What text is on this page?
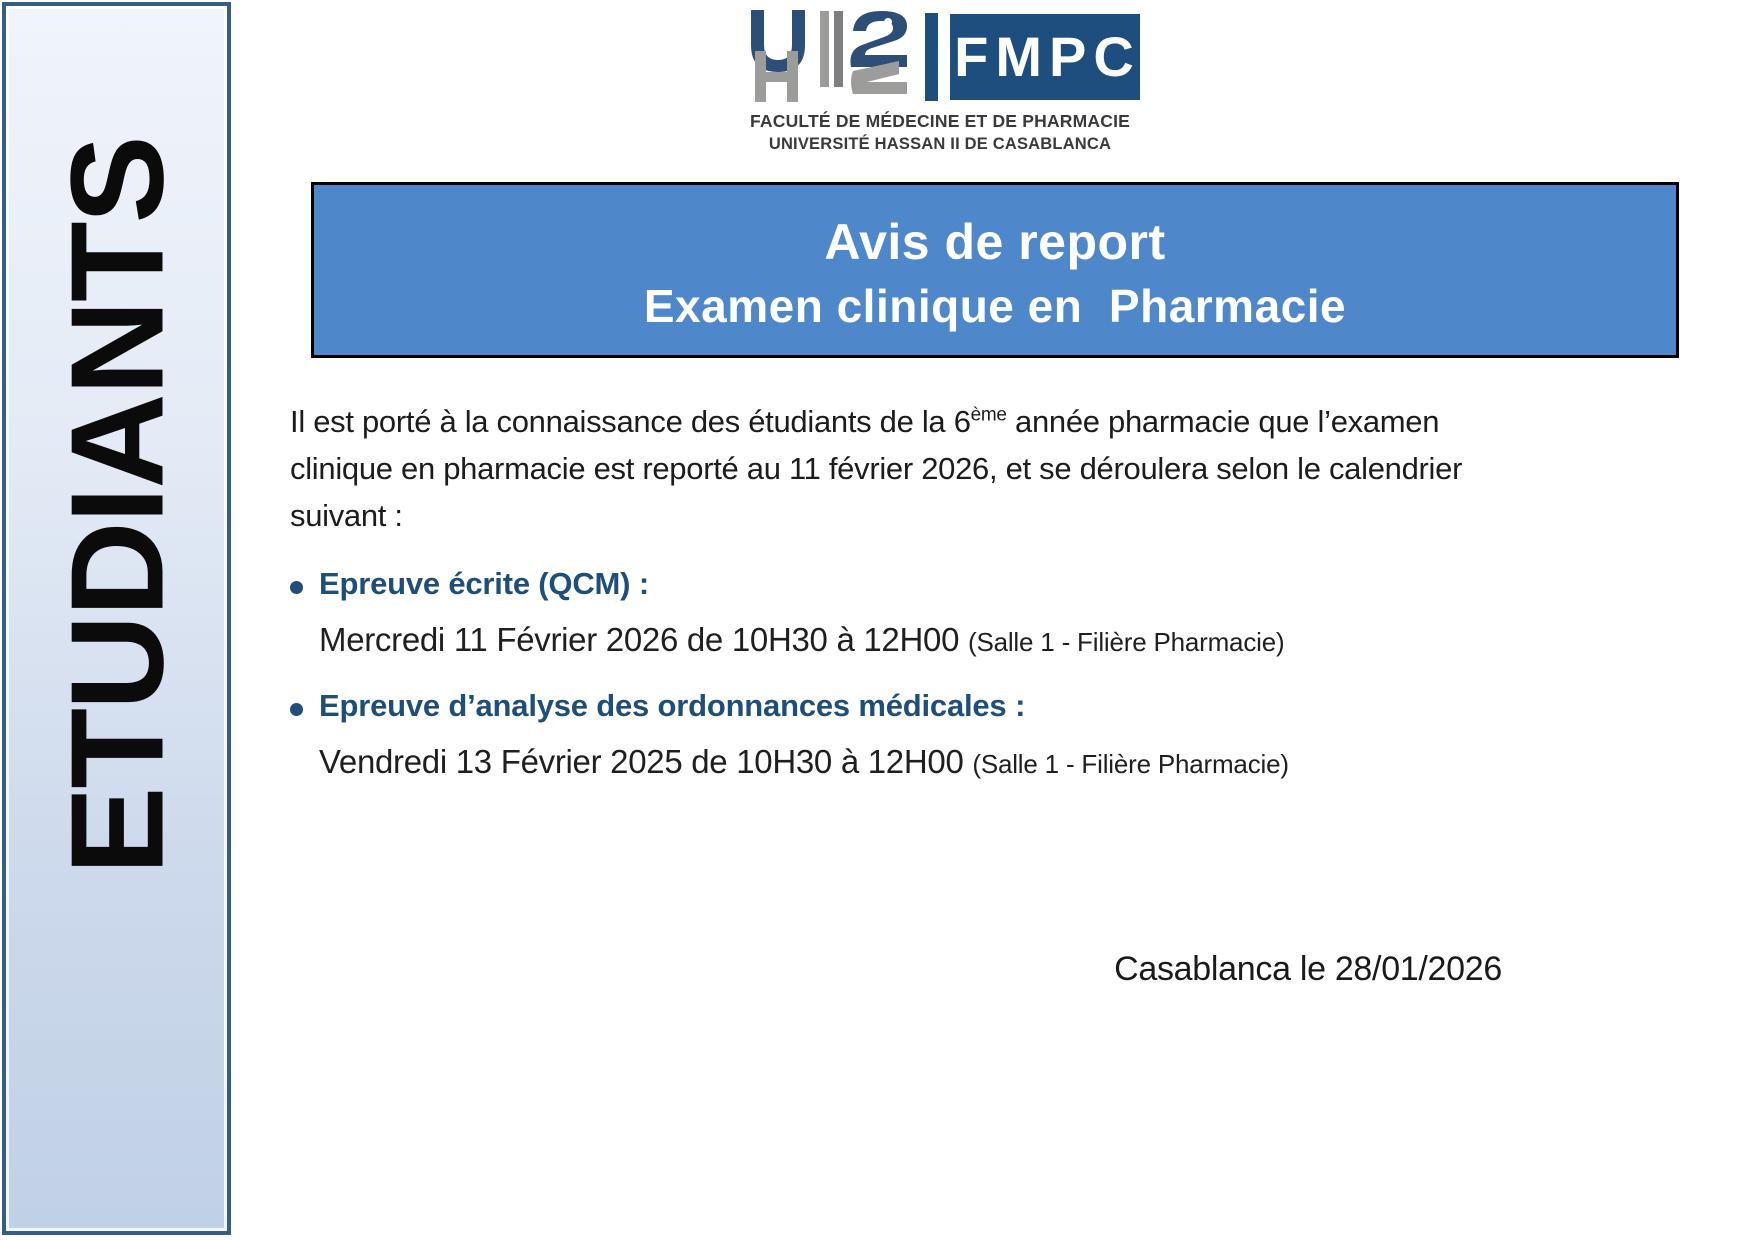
ETUDIANTS
FMPC
FACULTÉ DE MÉDECINE ET DE PHARMACIE
UNIVERSITÉ HASSAN II DE CASABLANCA
Avis de report
Examen clinique en  Pharmacie

Il est porté à la connaissance des étudiants de la 6ème année pharmacie que l’examen
clinique en pharmacie est reporté au 11 février 2026, et se déroulera selon le calendrier
suivant :

Epreuve écrite (QCM) :
Mercredi 11 Février 2026 de 10H30 à 12H00 (Salle 1 - Filière Pharmacie)
Epreuve d’analyse des ordonnances médicales :
Vendredi 13 Février 2025 de 10H30 à 12H00 (Salle 1 - Filière Pharmacie)
Casablanca le 28/01/2026
